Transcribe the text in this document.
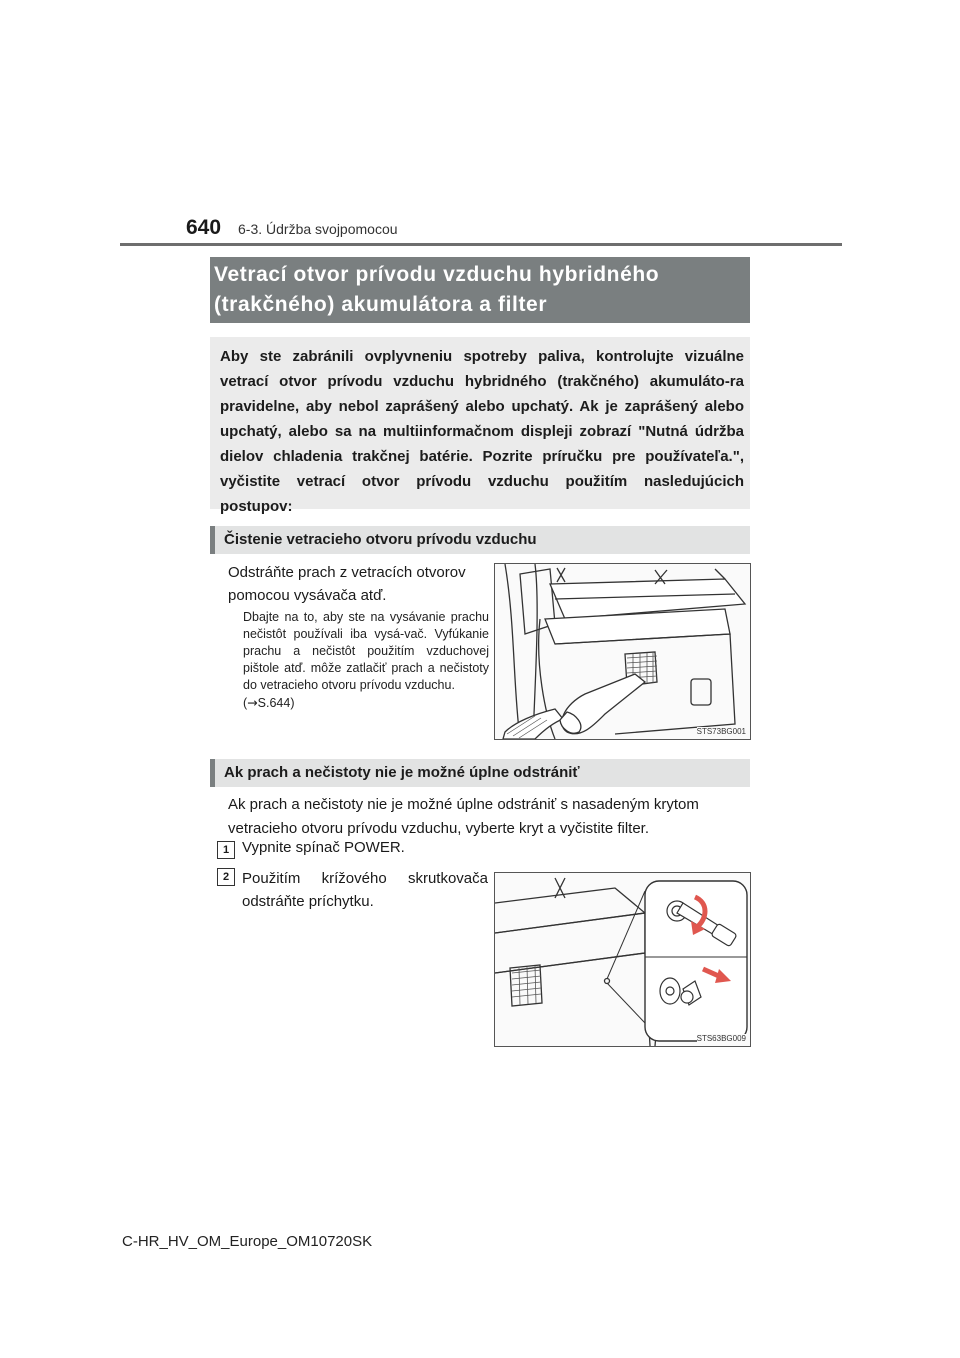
640 6-3. Údržba svojpomocou
Vetrací otvor prívodu vzduchu hybridného (trakčného) akumulátora a filter
Aby ste zabránili ovplyvneniu spotreby paliva, kontrolujte vizuálne vetrací otvor prívodu vzduchu hybridného (trakčného) akumuláto-ra pravidelne, aby nebol zaprášený alebo upchatý. Ak je zaprášený alebo upchatý, alebo sa na multiinformačnom displeji zobrazí "Nutná údržba dielov chladenia trakčnej batérie. Pozrite príručku pre používateľa.", vyčistite vetrací otvor prívodu vzduchu použitím nasledujúcich postupov:
Čistenie vetracieho otvoru prívodu vzduchu
Odstráňte prach z vetracích otvorov pomocou vysávača atď.
Dbajte na to, aby ste na vysávanie prachu nečistôt používali iba vysá-vač. Vyfúkanie prachu a nečistôt použitím vzduchovej pištole atď. môže zatlačiť prach a nečistoty do vetracieho otvoru prívodu vzduchu.
(→S.644)
STS73BG001
Ak prach a nečistoty nie je možné úplne odstrániť
Ak prach a nečistoty nie je možné úplne odstrániť s nasadeným krytom vetracieho otvoru prívodu vzduchu, vyberte kryt a vyčistite filter.
1 Vypnite spínač POWER.
2 Použitím krížového skrutkovača odstráňte príchytku.
STS63BG009
C-HR_HV_OM_Europe_OM10720SK
